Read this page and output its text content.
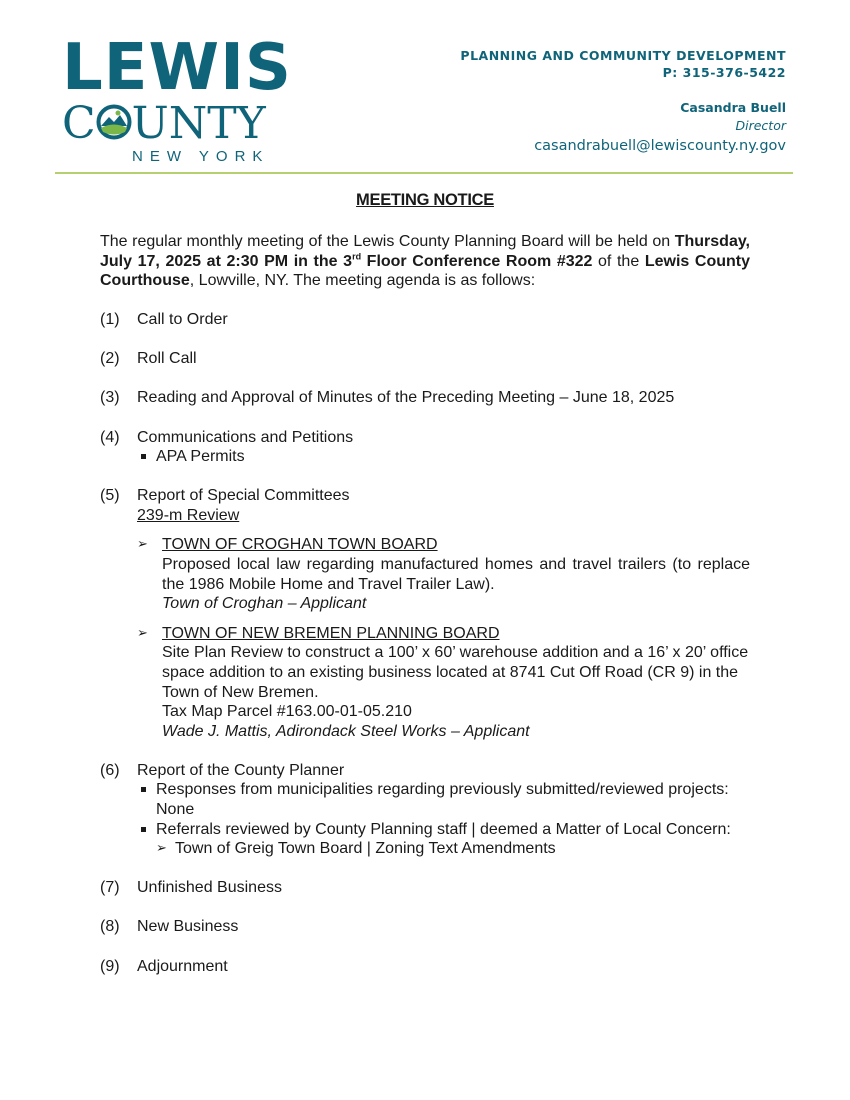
LEWIS
C UNTY
NEW YORK
PLANNING AND COMMUNITY DEVELOPMENT
P: 315-376-5422
Casandra Buell
Director
casandrabuell@lewiscounty.ny.gov
MEETING NOTICE

The regular monthly meeting of the Lewis County Planning Board will be held on Thursday, July 17, 2025 at 2:30 PM in the 3rd Floor Conference Room #322 of the Lewis County Courthouse, Lowville, NY. The meeting agenda is as follows:

(1) Call to Order
(2) Roll Call
(3) Reading and Approval of Minutes of the Preceding Meeting – June 18, 2025
(4) Communications and Petitions
APA Permits
(5) Report of Special Committees
239-m Review
➢ TOWN OF CROGHAN TOWN BOARD
Proposed local law regarding manufactured homes and travel trailers (to replace the 1986 Mobile Home and Travel Trailer Law).
Town of Croghan – Applicant
➢ TOWN OF NEW BREMEN PLANNING BOARD
Site Plan Review to construct a 100’ x 60’ warehouse addition and a 16’ x 20’ office space addition to an existing business located at 8741 Cut Off Road (CR 9) in the Town of New Bremen.
Tax Map Parcel #163.00-01-05.210
Wade J. Mattis, Adirondack Steel Works – Applicant
(6) Report of the County Planner
Responses from municipalities regarding previously submitted/reviewed projects: None
Referrals reviewed by County Planning staff | deemed a Matter of Local Concern:
➢ Town of Greig Town Board | Zoning Text Amendments
(7) Unfinished Business
(8) New Business
(9) Adjournment
